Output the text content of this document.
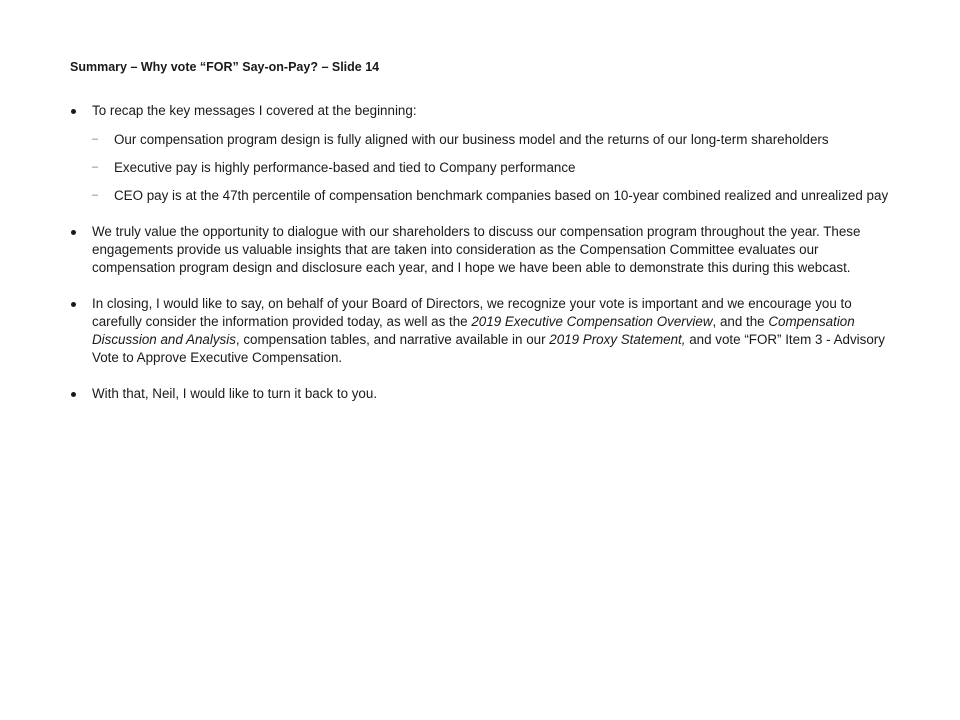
Summary – Why vote “FOR” Say-on-Pay? – Slide 14
To recap the key messages I covered at the beginning:
– Our compensation program design is fully aligned with our business model and the returns of our long-term shareholders
– Executive pay is highly performance-based and tied to Company performance
– CEO pay is at the 47th percentile of compensation benchmark companies based on 10-year combined realized and unrealized pay
We truly value the opportunity to dialogue with our shareholders to discuss our compensation program throughout the year. These engagements provide us valuable insights that are taken into consideration as the Compensation Committee evaluates our compensation program design and disclosure each year, and I hope we have been able to demonstrate this during this webcast.
In closing, I would like to say, on behalf of your Board of Directors, we recognize your vote is important and we encourage you to carefully consider the information provided today, as well as the 2019 Executive Compensation Overview, and the Compensation Discussion and Analysis, compensation tables, and narrative available in our 2019 Proxy Statement, and vote “FOR” Item 3 - Advisory Vote to Approve Executive Compensation.
With that, Neil, I would like to turn it back to you.
